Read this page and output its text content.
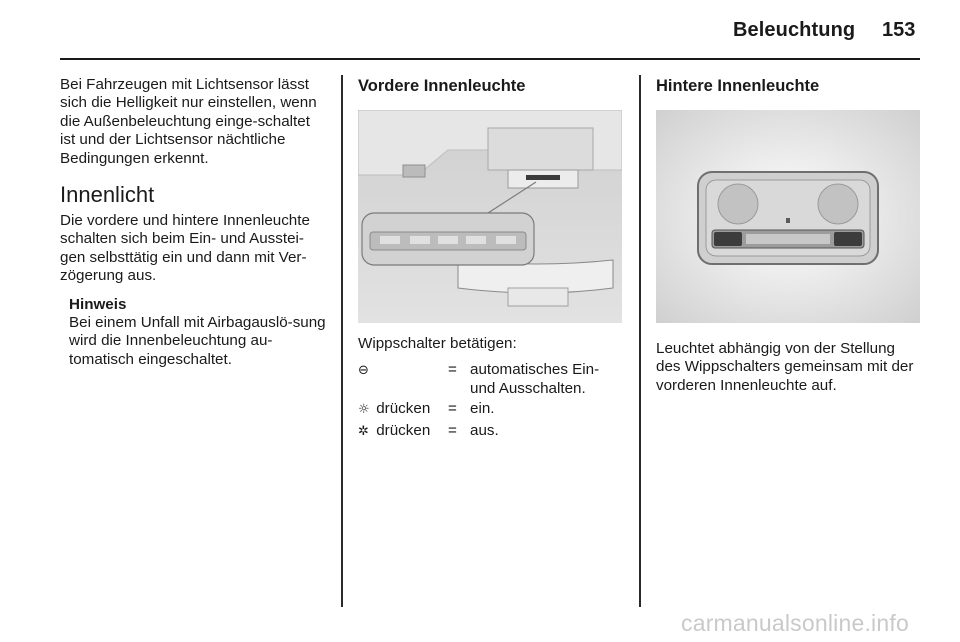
Beleuchtung 153

Bei Fahrzeugen mit Lichtsensor lässt sich die Helligkeit nur einstellen, wenn die Außenbeleuchtung einge-schaltet ist und der Lichtsensor nächtliche Bedingungen erkennt.

Innenlicht

Die vordere und hintere Innenleuchte schalten sich beim Ein- und Ausstei-gen selbsttätig ein und dann mit Ver-zögerung aus.

Hinweis

Bei einem Unfall mit Airbagauslö-sung wird die Innenbeleuchtung au-tomatisch eingeschaltet.

Vordere Innenleuchte

Wippschalter betätigen:

⊖	=	automatisches Ein- und Ausschalten.
☼ drücken	=	ein.
✲ drücken	=	aus.
Hintere Innenleuchte

Leuchtet abhängig von der Stellung des Wippschalters gemeinsam mit der vorderen Innenleuchte auf.

carmanualsonline.info
